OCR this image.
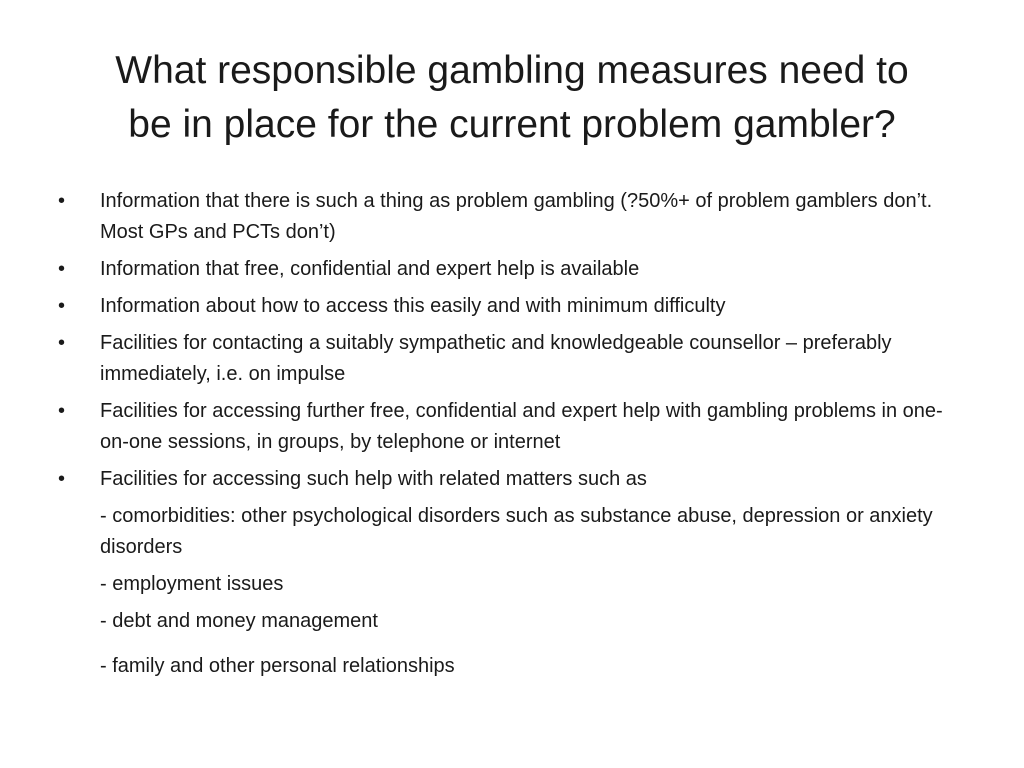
What responsible gambling measures need to
be in place for the current problem gambler?
•	Information that there is such a thing as problem gambling (?50%+ of problem gamblers don’t. Most GPs and PCTs don’t)
•	Information that free, confidential and expert help is available
•	Information about how to access this easily and with minimum difficulty
•	Facilities for contacting a suitably sympathetic and knowledgeable counsellor – preferably immediately, i.e. on impulse
•	Facilities for accessing further free, confidential and expert help with gambling problems in one-on-one sessions, in groups, by telephone or internet
•	Facilities for accessing such help with related matters such as
- comorbidities: other psychological disorders such as substance abuse, depression or anxiety disorders
- employment issues
- debt and money management
- family and other personal relationships
